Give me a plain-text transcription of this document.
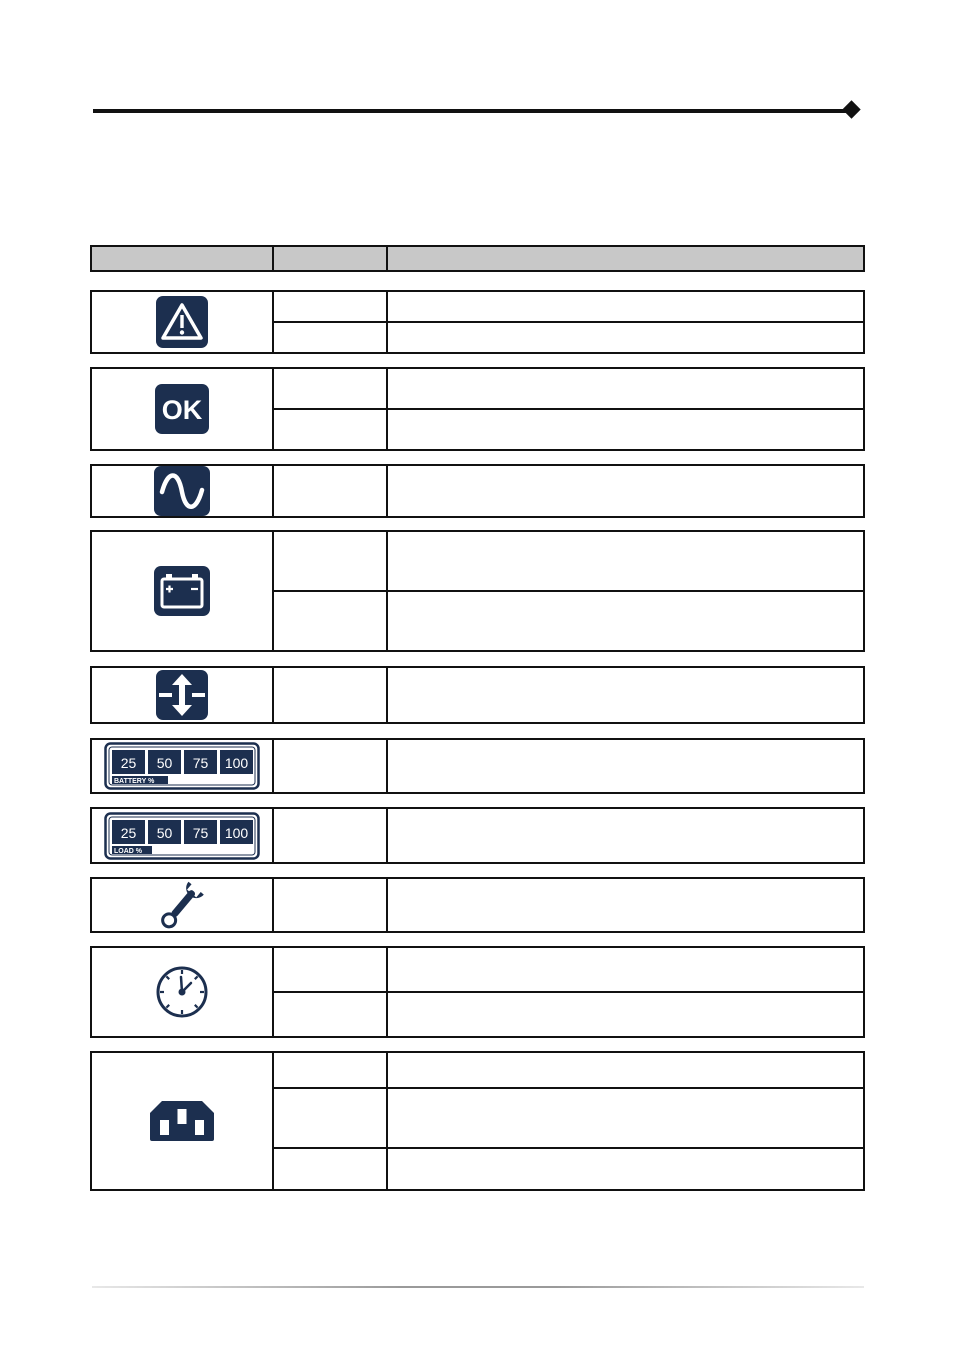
OK
25 50 75 100
BATTERY %
25 50 75 100
LOAD %
